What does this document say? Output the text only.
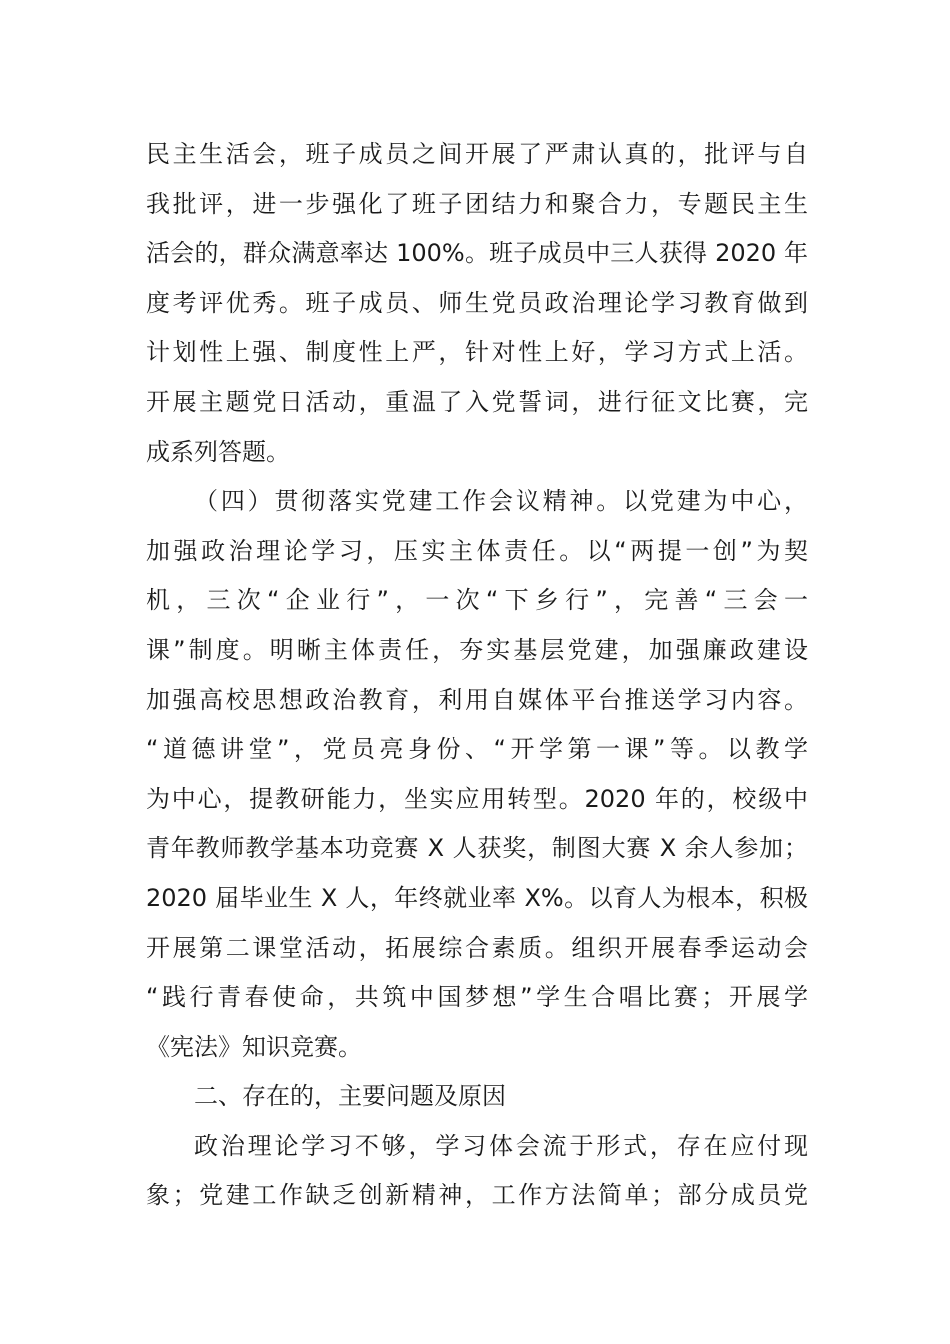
民主生活会，班子成员之间开展了严肃认真的，批评与自
我批评，进一步强化了班子团结力和聚合力，专题民主生
活会的，群众满意率达 100%。班子成员中三人获得 2020 年
度考评优秀。班子成员、师生党员政治理论学习教育做到
计划性上强、制度性上严，针对性上好，学习方式上活。
开展主题党日活动，重温了入党誓词，进行征文比赛，完
成系列答题。
（四）贯彻落实党建工作会议精神。以党建为中心，
加强政治理论学习，压实主体责任。以“两提一创”为契
机，三次“企业行”，一次“下乡行”，完善“三会一
课”制度。明晰主体责任，夯实基层党建，加强廉政建设
加强高校思想政治教育，利用自媒体平台推送学习内容。
“道德讲堂”，党员亮身份、“开学第一课”等。以教学
为中心，提教研能力，坐实应用转型。2020 年的，校级中
青年教师教学基本功竞赛 X 人获奖，制图大赛 X 余人参加；
2020 届毕业生 X 人，年终就业率 X%。以育人为根本，积极
开展第二课堂活动，拓展综合素质。组织开展春季运动会
“践行青春使命，共筑中国梦想”学生合唱比赛；开展学
《宪法》知识竞赛。
二、存在的，主要问题及原因
政治理论学习不够，学习体会流于形式，存在应付现
象；党建工作缺乏创新精神，工作方法简单；部分成员党
